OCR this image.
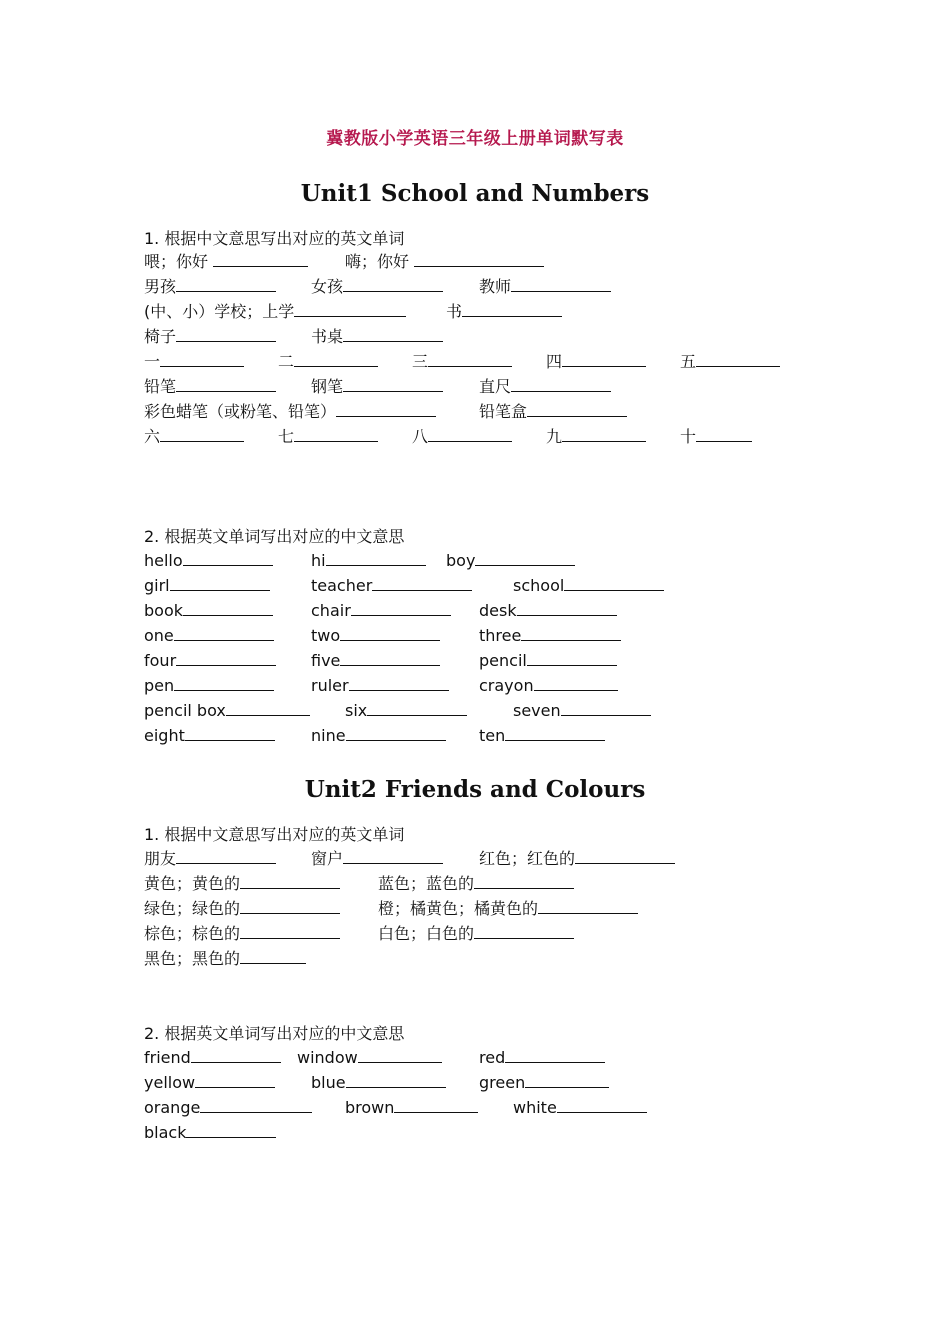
冀教版小学英语三年级上册单词默写表
Unit1 School and Numbers
1. 根据中文意思写出对应的英文单词
喂；你好	嗨；你好
男孩	女孩	教师
(中、小）学校；上学	书
椅子	书桌
一	二	三	四	五
铅笔	钢笔	直尺
彩色蜡笔（或粉笔、铅笔）	铅笔盒
六	七	八	九	十
2. 根据英文单词写出对应的中文意思
hello	hi	boy
girl	teacher	school
book	chair	desk
one	two	three
four	five	pencil
pen	ruler	crayon
pencil box	six	seven
eight	nine	ten
Unit2 Friends and Colours
1. 根据中文意思写出对应的英文单词
朋友	窗户	红色；红色的
黄色；黄色的	蓝色；蓝色的
绿色；绿色的	橙；橘黄色；橘黄色的
棕色；棕色的	白色；白色的
黑色；黑色的
2. 根据英文单词写出对应的中文意思
friend	window	red
yellow	blue	green
orange	brown	white
black
